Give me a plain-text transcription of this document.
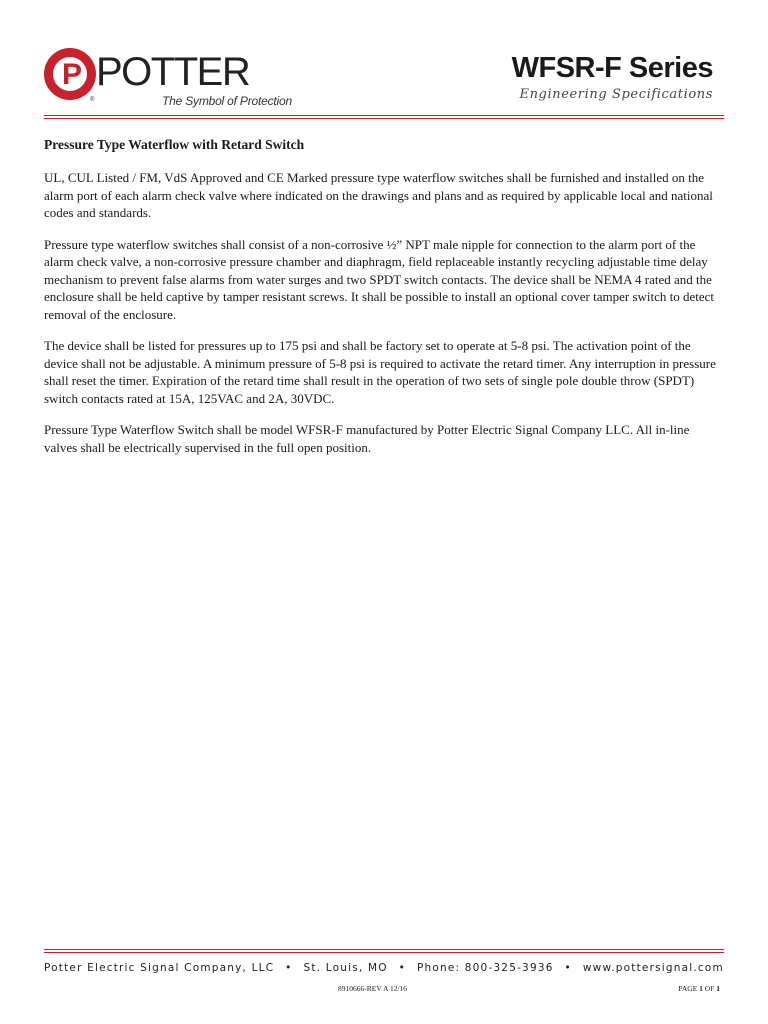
P POTTER
®	The Symbol of Protection
WFSR-F Series
Engineering Specifications
Pressure Type Waterflow with Retard Switch

UL, CUL Listed / FM, VdS Approved and CE Marked pressure type waterflow switches shall be furnished and installed on the alarm port of each alarm check valve where indicated on the drawings and plans and as required by applicable local and national codes and standards.

Pressure type waterflow switches shall consist of a non-corrosive ½” NPT male nipple for connection to the alarm port of the alarm check valve, a non-corrosive pressure chamber and diaphragm, field replaceable instantly recycling adjustable time delay mechanism to prevent false alarms from water surges and two SPDT switch contacts. The device shall be NEMA 4 rated and the enclosure shall be held captive by tamper resistant screws. It shall be possible to install an optional cover tamper switch to detect removal of the enclosure.

The device shall be listed for pressures up to 175 psi and shall be factory set to operate at 5-8 psi. The activation point of the device shall not be adjustable. A minimum pressure of 5-8 psi is required to activate the retard timer. Any interruption in pressure shall reset the timer. Expiration of the retard time shall result in the operation of two sets of single pole double throw (SPDT) switch contacts rated at 15A, 125VAC and 2A, 30VDC.

Pressure Type Waterflow Switch shall be model WFSR-F manufactured by Potter Electric Signal Company LLC. All in-line valves shall be electrically supervised in the full open position.

Potter Electric Signal Company, LLC • St. Louis, MO • Phone: 800-325-3936 • www.pottersignal.com
8910666-REV A 12/16	PAGE 1 OF 1
